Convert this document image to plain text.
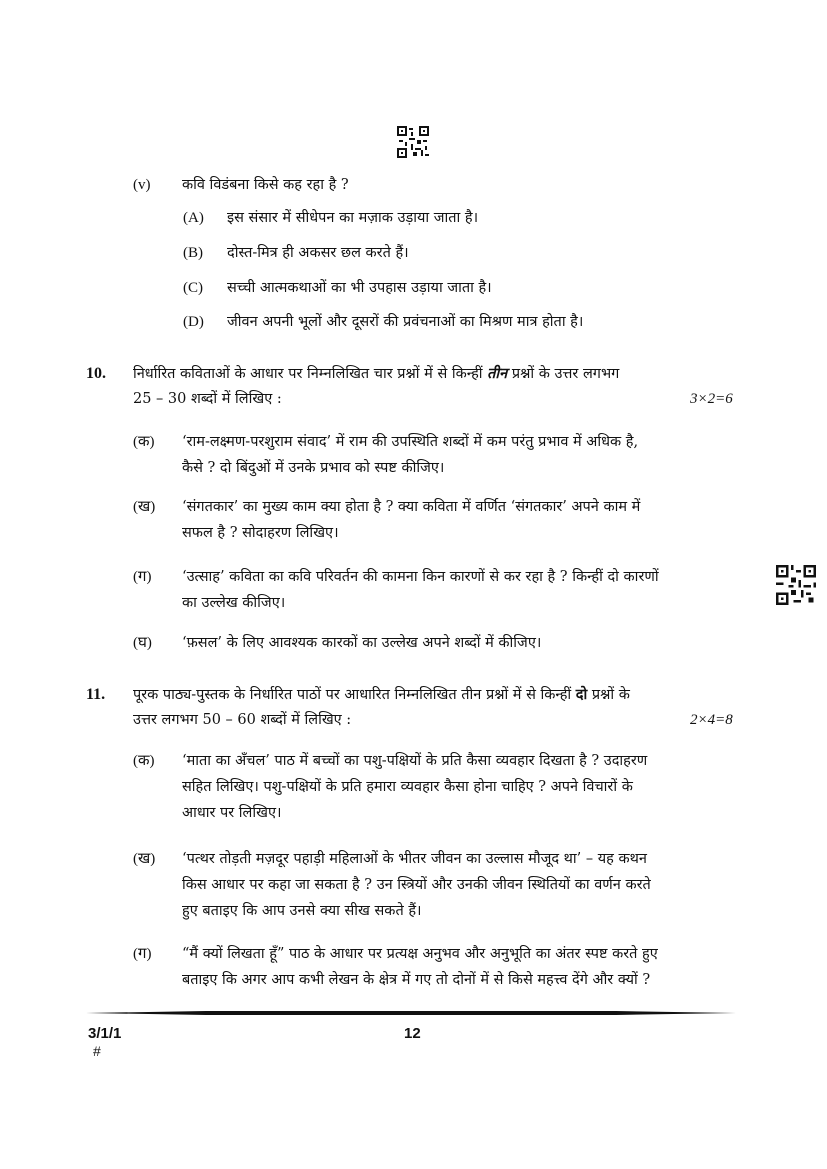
(v) कवि विडंबना किसे कह रहा है ?
(A) इस संसार में सीधेपन का मज़ाक उड़ाया जाता है।
(B) दोस्त-मित्र ही अकसर छल करते हैं।
(C) सच्ची आत्मकथाओं का भी उपहास उड़ाया जाता है।
(D) जीवन अपनी भूलों और दूसरों की प्रवंचनाओं का मिश्रण मात्र होता है।
10. निर्धारित कविताओं के आधार पर निम्नलिखित चार प्रश्नों में से किन्हीं तीन प्रश्नों के उत्तर लगभग
25 – 30 शब्दों में लिखिए :	3×2=6
(क) ‘राम-लक्ष्मण-परशुराम संवाद’ में राम की उपस्थिति शब्दों में कम परंतु प्रभाव में अधिक है,
कैसे ? दो बिंदुओं में उनके प्रभाव को स्पष्ट कीजिए।
(ख) ‘संगतकार’ का मुख्य काम क्या होता है ? क्या कविता में वर्णित ‘संगतकार’ अपने काम में
सफल है ? सोदाहरण लिखिए।
(ग) ‘उत्साह’ कविता का कवि परिवर्तन की कामना किन कारणों से कर रहा है ? किन्हीं दो कारणों
का उल्लेख कीजिए।
(घ) ‘फ़सल’ के लिए आवश्यक कारकों का उल्लेख अपने शब्दों में कीजिए।
11. पूरक पाठ्य-पुस्तक के निर्धारित पाठों पर आधारित निम्नलिखित तीन प्रश्नों में से किन्हीं दो प्रश्नों के
उत्तर लगभग 50 – 60 शब्दों में लिखिए :	2×4=8
(क) ‘माता का अँचल’ पाठ में बच्चों का पशु-पक्षियों के प्रति कैसा व्यवहार दिखता है ? उदाहरण
सहित लिखिए। पशु-पक्षियों के प्रति हमारा व्यवहार कैसा होना चाहिए ? अपने विचारों के
आधार पर लिखिए।
(ख) ‘पत्थर तोड़ती मज़दूर पहाड़ी महिलाओं के भीतर जीवन का उल्लास मौजूद था’ – यह कथन
किस आधार पर कहा जा सकता है ? उन स्त्रियों और उनकी जीवन स्थितियों का वर्णन करते
हुए बताइए कि आप उनसे क्या सीख सकते हैं।
(ग) “मैं क्यों लिखता हूँ” पाठ के आधार पर प्रत्यक्ष अनुभव और अनुभूति का अंतर स्पष्ट करते हुए
बताइए कि अगर आप कभी लेखन के क्षेत्र में गए तो दोनों में से किसे महत्त्व देंगे और क्यों ?
3/1/1
#
12
